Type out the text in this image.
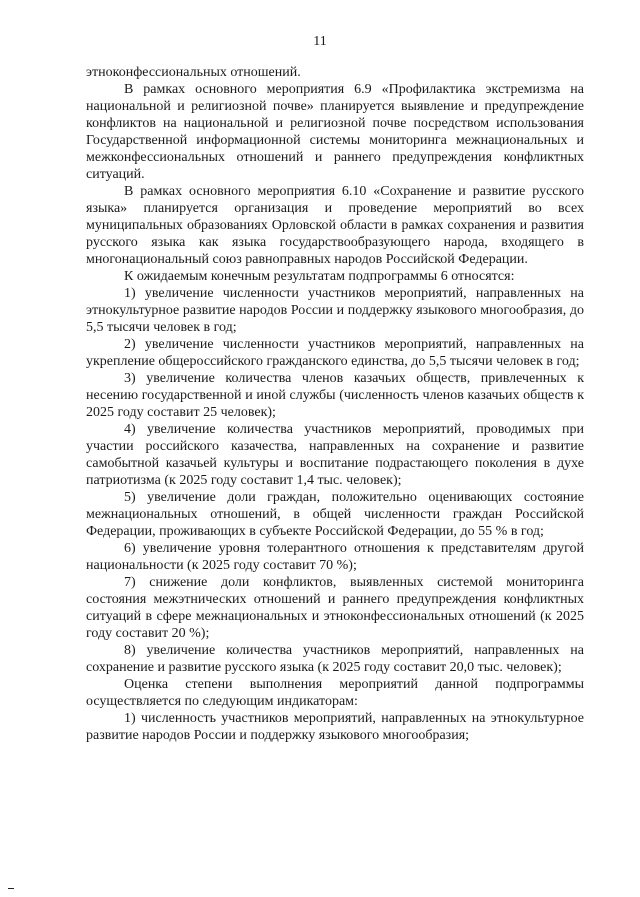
11

этноконфессиональных отношений.

В рамках основного мероприятия 6.9 «Профилактика экстремизма на национальной и религиозной почве» планируется выявление и предупреждение конфликтов на национальной и религиозной почве посредством использования Государственной информационной системы мониторинга межнациональных и межконфессиональных отношений и раннего предупреждения конфликтных ситуаций.

В рамках основного мероприятия 6.10 «Сохранение и развитие русского языка» планируется организация и проведение мероприятий во всех муниципальных образованиях Орловской области в рамках сохранения и развития русского языка как языка государствообразующего народа, входящего в многонациональный союз равноправных народов Российской Федерации.

К ожидаемым конечным результатам подпрограммы 6 относятся:

1) увеличение численности участников мероприятий, направленных на этнокультурное развитие народов России и поддержку языкового многообразия, до 5,5 тысячи человек в год;

2) увеличение численности участников мероприятий, направленных на укрепление общероссийского гражданского единства, до 5,5 тысячи человек в год;

3) увеличение количества членов казачьих обществ, привлеченных к несению государственной и иной службы (численность членов казачьих обществ к 2025 году составит 25 человек);

4) увеличение количества участников мероприятий, проводимых при участии российского казачества, направленных на сохранение и развитие самобытной казачьей культуры и воспитание подрастающего поколения в духе патриотизма (к 2025 году составит 1,4 тыс. человек);

5) увеличение доли граждан, положительно оценивающих состояние межнациональных отношений, в общей численности граждан Российской Федерации, проживающих в субъекте Российской Федерации, до 55 % в год;

6) увеличение уровня толерантного отношения к представителям другой национальности (к 2025 году составит 70 %);

7) снижение доли конфликтов, выявленных системой мониторинга состояния межэтнических отношений и раннего предупреждения конфликтных ситуаций в сфере межнациональных и этноконфессиональных отношений (к 2025 году составит 20 %);

8) увеличение количества участников мероприятий, направленных на сохранение и развитие русского языка (к 2025 году составит 20,0 тыс. человек);

Оценка степени выполнения мероприятий данной подпрограммы осуществляется по следующим индикаторам:

1) численность участников мероприятий, направленных на этнокультурное развитие народов России и поддержку языкового многообразия;
